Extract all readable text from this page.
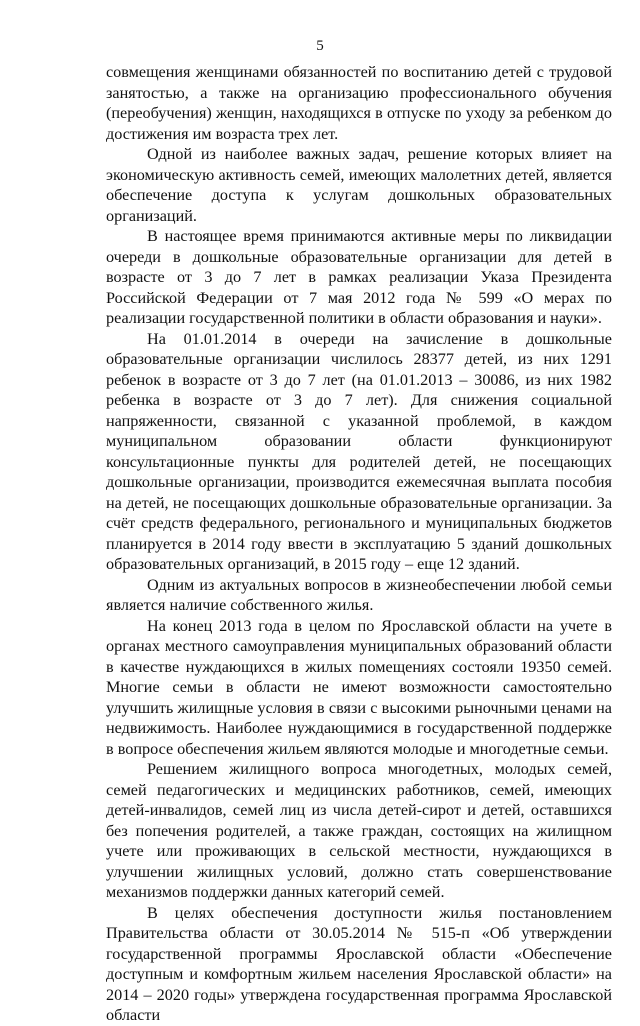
5

совмещения женщинами обязанностей по воспитанию детей с трудовой занятостью, а также на организацию профессионального обучения (переобучения) женщин, находящихся в отпуске по уходу за ребенком до достижения им возраста трех лет.

Одной из наиболее важных задач, решение которых влияет на экономическую активность семей, имеющих малолетних детей, является обеспечение доступа к услугам дошкольных образовательных организаций.

В настоящее время принимаются активные меры по ликвидации очереди в дошкольные образовательные организации для детей в возрасте от 3 до 7 лет в рамках реализации Указа Президента Российской Федерации от 7 мая 2012 года № 599 «О мерах по реализации государственной политики в области образования и науки».

На 01.01.2014 в очереди на зачисление в дошкольные образовательные организации числилось 28377 детей, из них 1291 ребенок в возрасте от 3 до 7 лет (на 01.01.2013 – 30086, из них 1982 ребенка в возрасте от 3 до 7 лет). Для снижения социальной напряженности, связанной с указанной проблемой, в каждом муниципальном образовании области функционируют консультационные пункты для родителей детей, не посещающих дошкольные организации, производится ежемесячная выплата пособия на детей, не посещающих дошкольные образовательные организации. За счёт средств федерального, регионального и муниципальных бюджетов планируется в 2014 году ввести в эксплуатацию 5 зданий дошкольных образовательных организаций, в 2015 году – еще 12 зданий.

Одним из актуальных вопросов в жизнеобеспечении любой семьи является наличие собственного жилья.

На конец 2013 года в целом по Ярославской области на учете в органах местного самоуправления муниципальных образований области в качестве нуждающихся в жилых помещениях состояли 19350 семей. Многие семьи в области не имеют возможности самостоятельно улучшить жилищные условия в связи с высокими рыночными ценами на недвижимость. Наиболее нуждающимися в государственной поддержке в вопросе обеспечения жильем являются молодые и многодетные семьи.

Решением жилищного вопроса многодетных, молодых семей, семей педагогических и медицинских работников, семей, имеющих детей-инвалидов, семей лиц из числа детей-сирот и детей, оставшихся без попечения родителей, а также граждан, состоящих на жилищном учете или проживающих в сельской местности, нуждающихся в улучшении жилищных условий, должно стать совершенствование механизмов поддержки данных категорий семей.

В целях обеспечения доступности жилья постановлением Правительства области от 30.05.2014 № 515-п «Об утверждении государственной программы Ярославской области «Обеспечение доступным и комфортным жильем населения Ярославской области» на 2014 – 2020 годы» утверждена государственная программа Ярославской области
